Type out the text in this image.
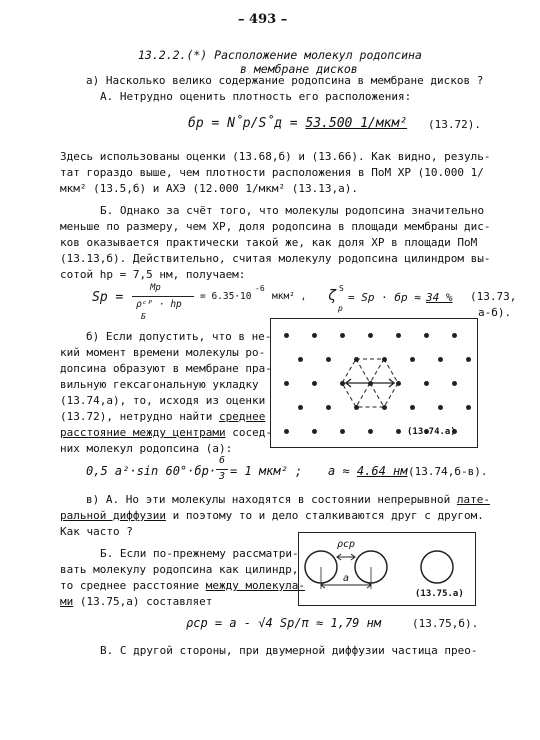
– 493 –
13.2.2.(*) Расположение молекул родопсина
в мембране дисков
а) Насколько велико содержание родопсина в мембране дисков ?
А. Нетрудно оценить плотность его расположения:
бр = N̊р/S̊д = 53.500 1/мкм² (13.72).
Здесь использованы оценки (13.68,б) и (13.66). Как видно, резуль-
тат гораздо выше, чем плотности расположения в ПоМ ХР (10.000 1/
мкм² (13.5,б) и АХЭ (12.000 1/мкм² (13.13,а).
Б. Однако за счёт того, что молекулы родопсина значительно
меньше по размеру, чем ХР, доля родопсина в площади мембраны дис-
ков оказывается практически такой же, как доля ХР в площади ПоМ
(13.13,б). Действительно, считая молекулу родопсина цилиндром вы-
сотой hр = 7,5 нм, получаем:
Sр =
Mр
ρᶜᴾ · hр
Б
= 6.35·10
-6
мкм² , ζ S
р
= Sр · бр ≈ 34 % (13.73,
а-б).
б) Если допустить, что в не-
кий момент времени молекулы ро-
допсина образуют в мембране пра-
вильную гексагональную укладку
(13.74,а), то, исходя из оценки
(13.72), нетрудно найти среднее
расстояние между центрами сосед-
них молекул родопсина (а):
(13.74.а)
0,5 a²·sin 60°·бр·
6
3 = 1 мкм² ; a ≈ 4.64 нм (13.74,б-в).
в) А. Но эти молекулы находятся в состоянии непрерывной лате-
ральной диффузии и поэтому то и дело сталкиваются друг с другом.
Как часто ?
Б. Если по-прежнему рассматри-
вать молекулу родопсина как цилиндр,
то среднее расстояние между молекула-
ми (13.75,а) составляет
ρср
a
(13.75.а)
ρср = a - √4 Sр/π ≈ 1,79 нм	(13.75,б).
В. С другой стороны, при двумерной диффузии частица прео-
